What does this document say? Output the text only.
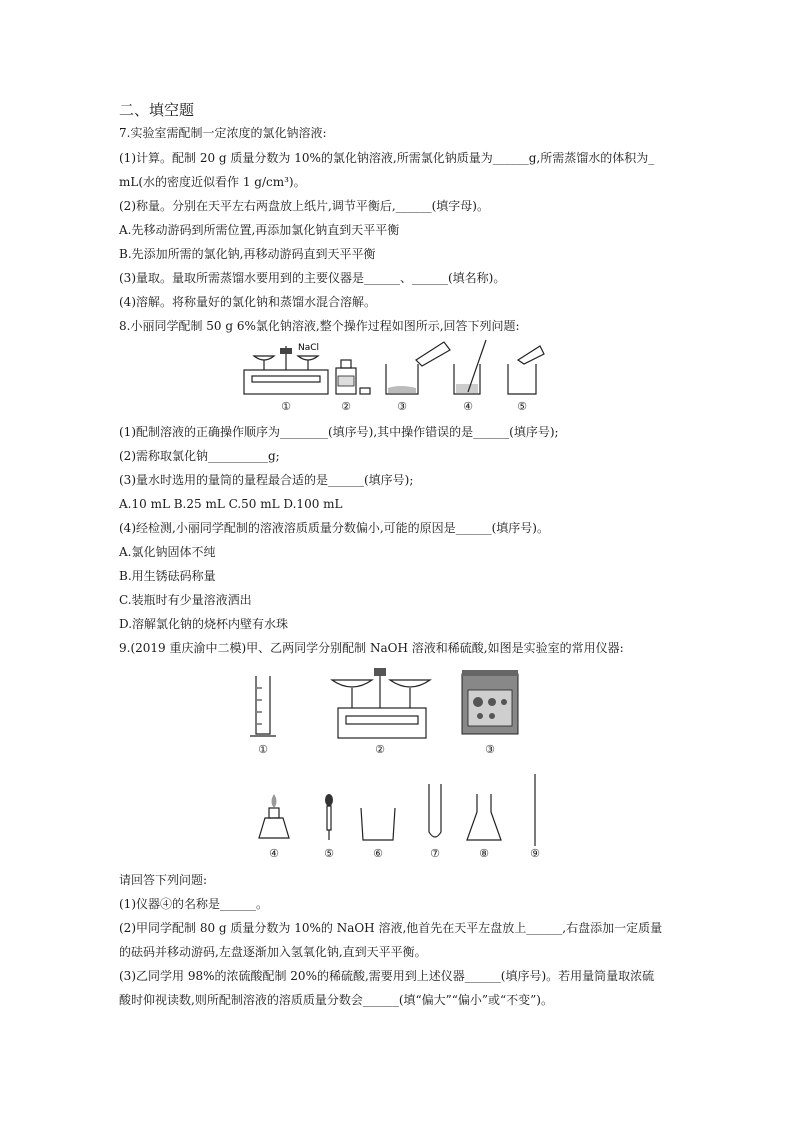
二、填空题
7.实验室需配制一定浓度的氯化钠溶液:
(1)计算。配制 20 g 质量分数为 10%的氯化钠溶液,所需氯化钠质量为______g,所需蒸馏水的体积为_
mL(水的密度近似看作 1 g/cm³)。
(2)称量。分别在天平左右两盘放上纸片,调节平衡后,______(填字母)。
A.先移动游码到所需位置,再添加氯化钠直到天平平衡
B.先添加所需的氯化钠,再移动游码直到天平平衡
(3)量取。量取所需蒸馏水要用到的主要仪器是______、______(填名称)。
(4)溶解。将称量好的氯化钠和蒸馏水混合溶解。
8.小丽同学配制 50 g 6%氯化钠溶液,整个操作过程如图所示,回答下列问题:
NaCl
①	②	③	④	⑤
(1)配制溶液的正确操作顺序为________(填序号),其中操作错误的是______(填序号);
(2)需称取氯化钠__________g;
(3)量水时选用的量筒的量程最合适的是______(填序号);
A.10 mL B.25 mL C.50 mL D.100 mL
(4)经检测,小丽同学配制的溶液溶质质量分数偏小,可能的原因是______(填序号)。
A.氯化钠固体不纯
B.用生锈砝码称量
C.装瓶时有少量溶液洒出
D.溶解氯化钠的烧杯内壁有水珠
9.(2019 重庆渝中二模)甲、乙两同学分别配制 NaOH 溶液和稀硫酸,如图是实验室的常用仪器:
①	②	③
④	⑤	⑥	⑦	⑧	⑨
请回答下列问题:
(1)仪器④的名称是______。
(2)甲同学配制 80 g 质量分数为 10%的 NaOH 溶液,他首先在天平左盘放上______,右盘添加一定质量
的砝码并移动游码,左盘逐渐加入氢氧化钠,直到天平平衡。
(3)乙同学用 98%的浓硫酸配制 20%的稀硫酸,需要用到上述仪器______(填序号)。若用量筒量取浓硫
酸时仰视读数,则所配制溶液的溶质质量分数会______(填“偏大”“偏小”或“不变”)。
